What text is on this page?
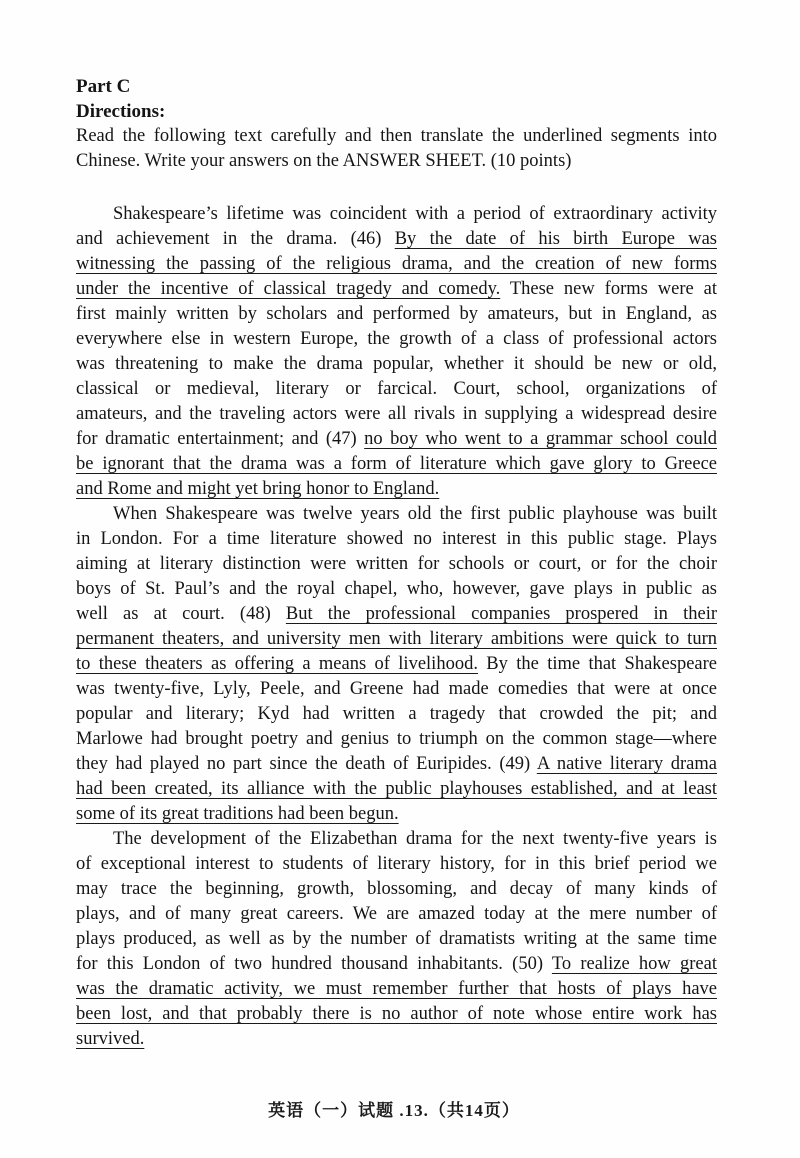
Part C
Directions:
Read the following text carefully and then translate the underlined segments into
Chinese. Write your answers on the ANSWER SHEET. (10 points)
Shakespeare’s lifetime was coincident with a period of extraordinary activity
and achievement in the drama. (46) By the date of his birth Europe was
witnessing the passing of the religious drama, and the creation of new forms
under the incentive of classical tragedy and comedy. These new forms were at
first mainly written by scholars and performed by amateurs, but in England, as
everywhere else in western Europe, the growth of a class of professional actors
was threatening to make the drama popular, whether it should be new or old,
classical or medieval, literary or farcical. Court, school, organizations of
amateurs, and the traveling actors were all rivals in supplying a widespread desire
for dramatic entertainment; and (47) no boy who went to a grammar school could
be ignorant that the drama was a form of literature which gave glory to Greece
and Rome and might yet bring honor to England.
When Shakespeare was twelve years old the first public playhouse was built
in London. For a time literature showed no interest in this public stage. Plays
aiming at literary distinction were written for schools or court, or for the choir
boys of St. Paul’s and the royal chapel, who, however, gave plays in public as
well as at court. (48) But the professional companies prospered in their
permanent theaters, and university men with literary ambitions were quick to turn
to these theaters as offering a means of livelihood. By the time that Shakespeare
was twenty-five, Lyly, Peele, and Greene had made comedies that were at once
popular and literary; Kyd had written a tragedy that crowded the pit; and
Marlowe had brought poetry and genius to triumph on the common stage—where
they had played no part since the death of Euripides. (49) A native literary drama
had been created, its alliance with the public playhouses established, and at least
some of its great traditions had been begun.
The development of the Elizabethan drama for the next twenty-five years is
of exceptional interest to students of literary history, for in this brief period we
may trace the beginning, growth, blossoming, and decay of many kinds of
plays, and of many great careers. We are amazed today at the mere number of
plays produced, as well as by the number of dramatists writing at the same time
for this London of two hundred thousand inhabitants. (50) To realize how great
was the dramatic activity, we must remember further that hosts of plays have
been lost, and that probably there is no author of note whose entire work has
survived.
英语（一）试题 .13.（共14页）
